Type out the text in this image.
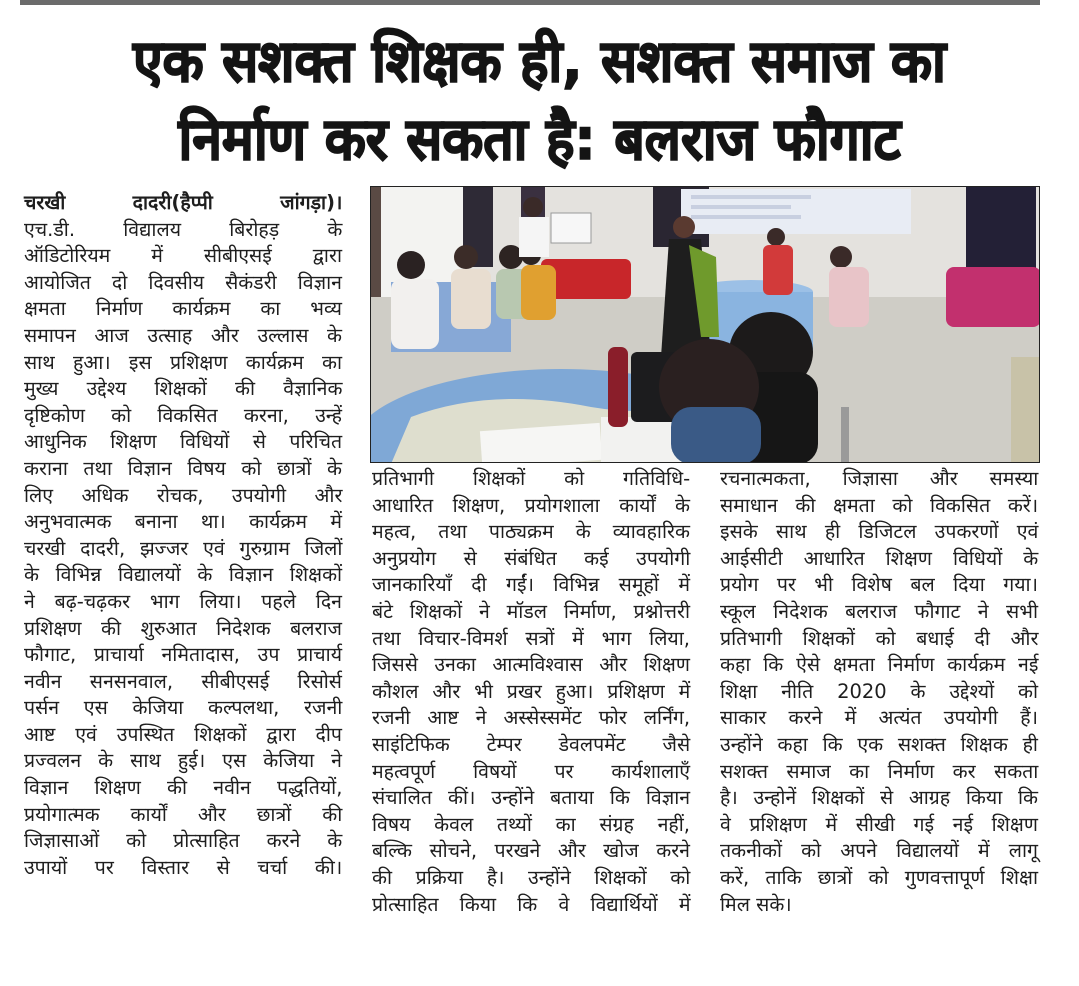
एक सशक्त शिक्षक ही, सशक्त समाज का
निर्माण कर सकता है: बलराज फौगाट
चरखी दादरी(हैप्पी जांगड़ा)।
एच.डी. विद्यालय बिरोहड़ के
ऑडिटोरियम में सीबीएसई द्वारा
आयोजित दो दिवसीय सैकंडरी विज्ञान
क्षमता निर्माण कार्यक्रम का भव्य
समापन आज उत्साह और उल्लास के
साथ हुआ। इस प्रशिक्षण कार्यक्रम का
मुख्य उद्देश्य शिक्षकों की वैज्ञानिक
दृष्टिकोण को विकसित करना, उन्हें
आधुनिक शिक्षण विधियों से परिचित
कराना तथा विज्ञान विषय को छात्रों के
लिए अधिक रोचक, उपयोगी और
अनुभवात्मक बनाना था। कार्यक्रम में
चरखी दादरी, झज्जर एवं गुरुग्राम जिलों
के विभिन्न विद्यालयों के विज्ञान शिक्षकों
ने बढ़-चढ़कर भाग लिया। पहले दिन
प्रशिक्षण की शुरुआत निदेशक बलराज
फौगाट, प्राचार्या नमितादास, उप प्राचार्य
नवीन सनसनवाल, सीबीएसई रिसोर्स
पर्सन एस केजिया कल्पलथा, रजनी
आष्ट एवं उपस्थित शिक्षकों द्वारा दीप
प्रज्वलन के साथ हुई। एस केजिया ने
विज्ञान शिक्षण की नवीन पद्धतियों,
प्रयोगात्मक कार्यों और छात्रों की
जिज्ञासाओं को प्रोत्साहित करने के
उपायों पर विस्तार से चर्चा की।
प्रतिभागी शिक्षकों को गतिविधि-
आधारित शिक्षण, प्रयोगशाला कार्यों के
महत्व, तथा पाठ्यक्रम के व्यावहारिक
अनुप्रयोग से संबंधित कई उपयोगी
जानकारियाँ दी गईं। विभिन्न समूहों में
बंटे शिक्षकों ने मॉडल निर्माण, प्रश्नोत्तरी
तथा विचार-विमर्श सत्रों में भाग लिया,
जिससे उनका आत्मविश्वास और शिक्षण
कौशल और भी प्रखर हुआ। प्रशिक्षण में
रजनी आष्ट ने अस्सेस्समेंट फोर लर्निंग,
साइंटिफिक टेम्पर डेवलपमेंट जैसे
महत्वपूर्ण विषयों पर कार्यशालाएँ
संचालित कीं। उन्होंने बताया कि विज्ञान
विषय केवल तथ्यों का संग्रह नहीं,
बल्कि सोचने, परखने और खोज करने
की प्रक्रिया है। उन्होंने शिक्षकों को
प्रोत्साहित किया कि वे विद्यार्थियों में
रचनात्मकता, जिज्ञासा और समस्या
समाधान की क्षमता को विकसित करें।
इसके साथ ही डिजिटल उपकरणों एवं
आईसीटी आधारित शिक्षण विधियों के
प्रयोग पर भी विशेष बल दिया गया।
स्कूल निदेशक बलराज फौगाट ने सभी
प्रतिभागी शिक्षकों को बधाई दी और
कहा कि ऐसे क्षमता निर्माण कार्यक्रम नई
शिक्षा नीति 2020 के उद्देश्यों को
साकार करने में अत्यंत उपयोगी हैं।
उन्होंने कहा कि एक सशक्त शिक्षक ही
सशक्त समाज का निर्माण कर सकता
है। उन्होनें शिक्षकों से आग्रह किया कि
वे प्रशिक्षण में सीखी गई नई शिक्षण
तकनीकों को अपने विद्यालयों में लागू
करें, ताकि छात्रों को गुणवत्तापूर्ण शिक्षा
मिल सके।
